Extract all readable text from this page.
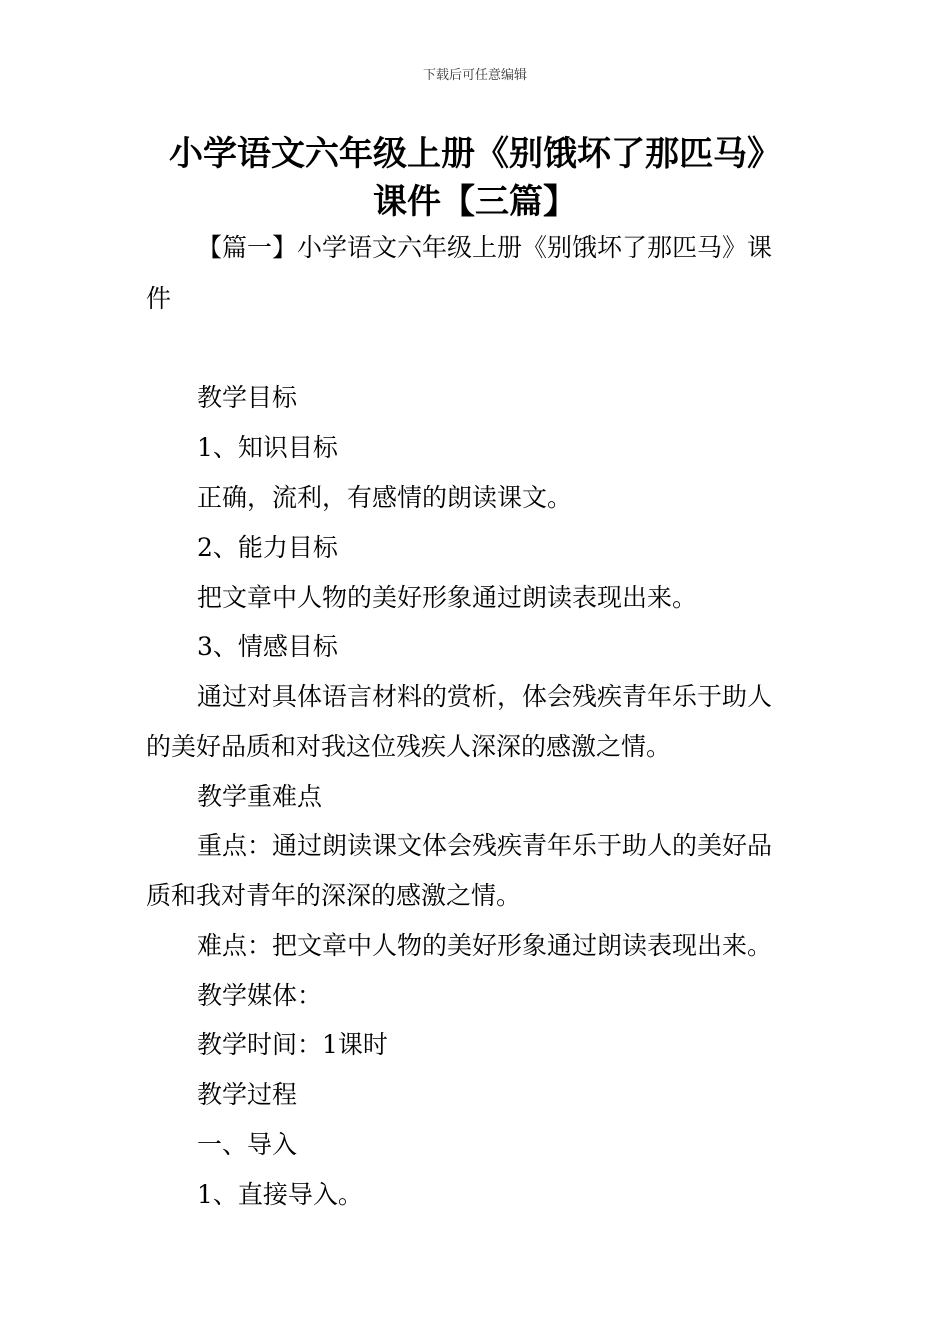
下载后可任意编辑
小学语文六年级上册《别饿坏了那匹马》
课件【三篇】
【篇一】小学语文六年级上册《别饿坏了那匹马》课
件
教学目标
1、知识目标
正确，流利，有感情的朗读课文。
2、能力目标
把文章中人物的美好形象通过朗读表现出来。
3、情感目标
通过对具体语言材料的赏析，体会残疾青年乐于助人
的美好品质和对我这位残疾人深深的感激之情。
教学重难点
重点：通过朗读课文体会残疾青年乐于助人的美好品
质和我对青年的深深的感激之情。
难点：把文章中人物的美好形象通过朗读表现出来。
教学媒体：
教学时间：1课时
教学过程
一、导入
1、直接导入。
